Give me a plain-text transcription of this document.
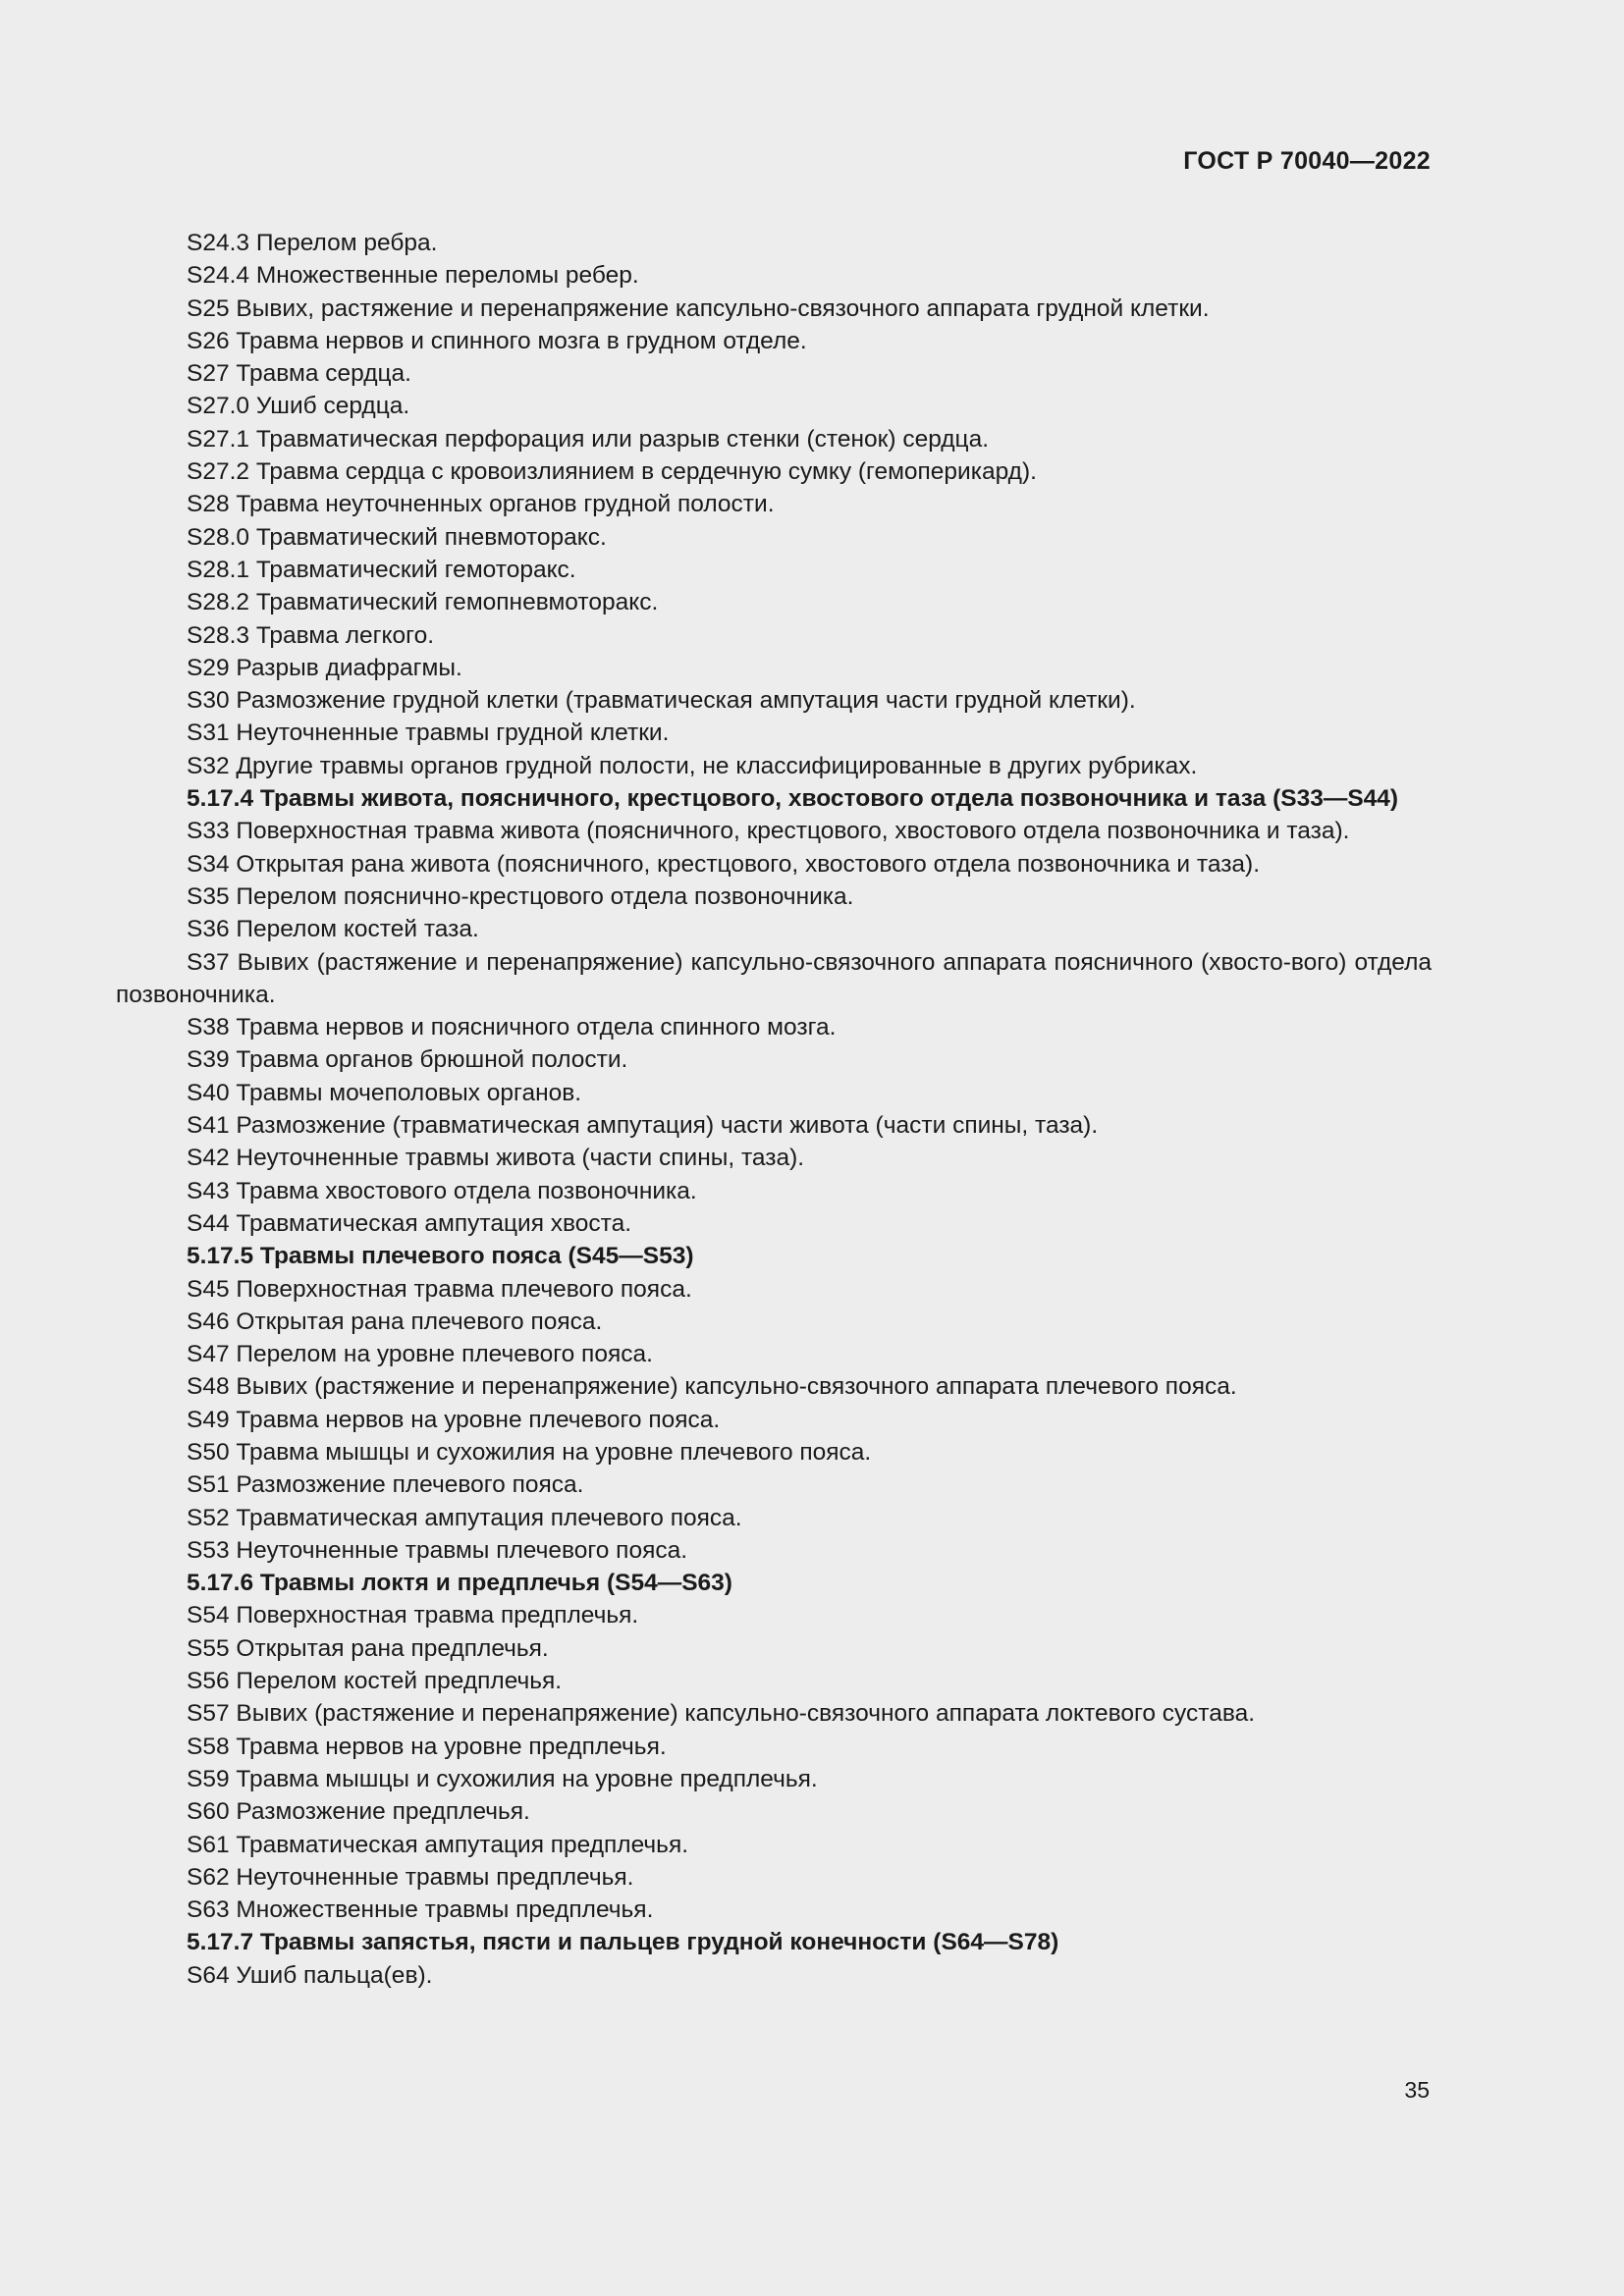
ГОСТ Р 70040—2022
S24.3 Перелом ребра.
S24.4 Множественные переломы ребер.
S25 Вывих, растяжение и перенапряжение капсульно-связочного аппарата грудной клетки.
S26 Травма нервов и спинного мозга в грудном отделе.
S27 Травма сердца.
S27.0 Ушиб сердца.
S27.1 Травматическая перфорация или разрыв стенки (стенок) сердца.
S27.2 Травма сердца с кровоизлиянием в сердечную сумку (гемоперикард).
S28 Травма неуточненных органов грудной полости.
S28.0 Травматический пневмоторакс.
S28.1 Травматический гемоторакс.
S28.2 Травматический гемопневмоторакс.
S28.3 Травма легкого.
S29 Разрыв диафрагмы.
S30 Размозжение грудной клетки (травматическая ампутация части грудной клетки).
S31 Неуточненные травмы грудной клетки.
S32 Другие травмы органов грудной полости, не классифицированные в других рубриках.
5.17.4 Травмы живота, поясничного, крестцового, хвостового отдела позвоночника и таза (S33—S44)
S33 Поверхностная травма живота (поясничного, крестцового, хвостового отдела позвоночника и таза).
S34 Открытая рана живота (поясничного, крестцового, хвостового отдела позвоночника и таза).
S35 Перелом пояснично-крестцового отдела позвоночника.
S36 Перелом костей таза.
S37 Вывих (растяжение и перенапряжение) капсульно-связочного аппарата поясничного (хвосто-вого) отдела позвоночника.
S38 Травма нервов и поясничного отдела спинного мозга.
S39 Травма органов брюшной полости.
S40 Травмы мочеполовых органов.
S41 Размозжение (травматическая ампутация) части живота (части спины, таза).
S42 Неуточненные травмы живота (части спины, таза).
S43 Травма хвостового отдела позвоночника.
S44 Травматическая ампутация хвоста.
5.17.5 Травмы плечевого пояса (S45—S53)
S45 Поверхностная травма плечевого пояса.
S46 Открытая рана плечевого пояса.
S47 Перелом на уровне плечевого пояса.
S48 Вывих (растяжение и перенапряжение) капсульно-связочного аппарата плечевого пояса.
S49 Травма нервов на уровне плечевого пояса.
S50 Травма мышцы и сухожилия на уровне плечевого пояса.
S51 Размозжение плечевого пояса.
S52 Травматическая ампутация плечевого пояса.
S53 Неуточненные травмы плечевого пояса.
5.17.6 Травмы локтя и предплечья (S54—S63)
S54 Поверхностная травма предплечья.
S55 Открытая рана предплечья.
S56 Перелом костей предплечья.
S57 Вывих (растяжение и перенапряжение) капсульно-связочного аппарата локтевого сустава.
S58 Травма нервов на уровне предплечья.
S59 Травма мышцы и сухожилия на уровне предплечья.
S60 Размозжение предплечья.
S61 Травматическая ампутация предплечья.
S62 Неуточненные травмы предплечья.
S63 Множественные травмы предплечья.
5.17.7 Травмы запястья, пясти и пальцев грудной конечности (S64—S78)
S64 Ушиб пальца(ев).
35
